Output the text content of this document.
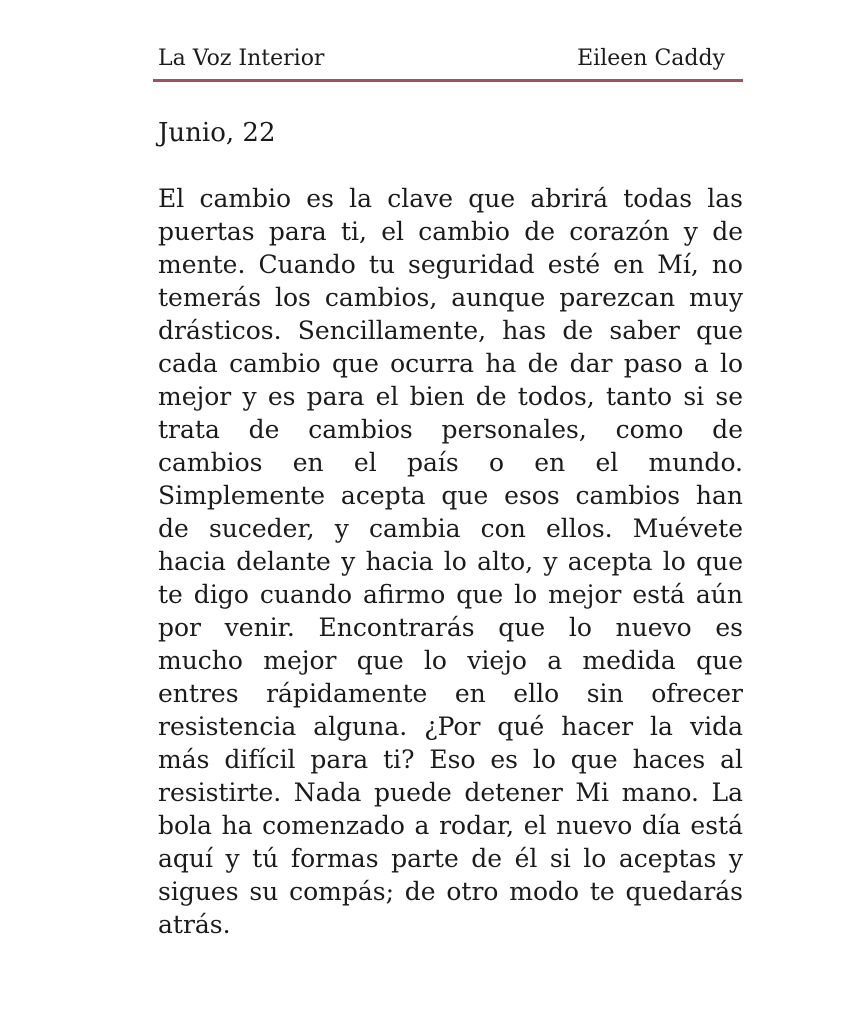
La Voz Interior	Eileen Caddy
Junio, 22

El cambio es la clave que abrirá todas las puertas para ti, el cambio de corazón y de mente. Cuando tu seguridad esté en Mí, no temerás los cambios, aunque parezcan muy drásticos. Sencillamente, has de saber que cada cambio que ocurra ha de dar paso a lo mejor y es para el bien de todos, tanto si se trata de cambios personales, como de cambios en el país o en el mundo. Simplemente acepta que esos cambios han de suceder, y cambia con ellos. Muévete hacia delante y hacia lo alto, y acepta lo que te digo cuando afirmo que lo mejor está aún por venir. Encontrarás que lo nuevo es mucho mejor que lo viejo a medida que entres rápidamente en ello sin ofrecer resistencia alguna. ¿Por qué hacer la vida más difícil para ti? Eso es lo que haces al resistirte. Nada puede detener Mi mano. La bola ha comenzado a rodar, el nuevo día está aquí y tú formas parte de él si lo aceptas y sigues su compás; de otro modo te quedarás atrás.
